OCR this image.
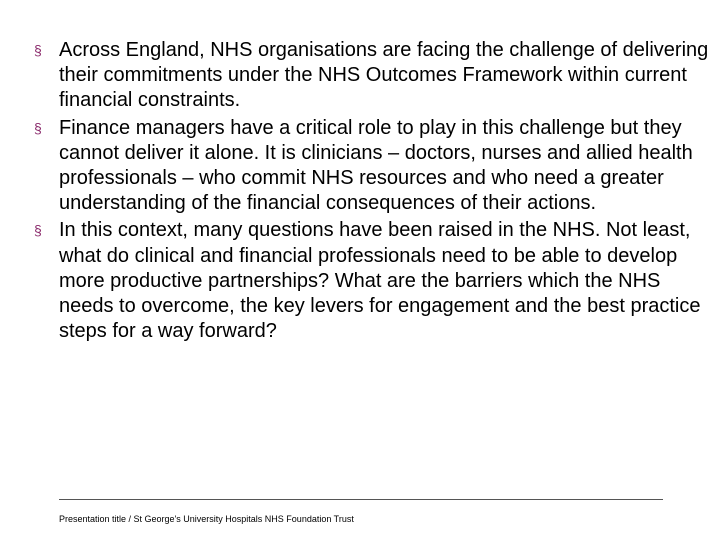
§ Across England, NHS organisations are facing the challenge of delivering their commitments under the NHS Outcomes Framework within current financial constraints.
§ Finance managers have a critical role to play in this challenge but they cannot deliver it alone. It is clinicians – doctors, nurses and allied health professionals – who commit NHS resources and who need a greater understanding of the financial consequences of their actions.
§ In this context, many questions have been raised in the NHS. Not least, what do clinical and financial professionals need to be able to develop more productive partnerships? What are the barriers which the NHS needs to overcome, the key levers for engagement and the best practice steps for a way forward?
Presentation title / St George's University Hospitals NHS Foundation Trust
